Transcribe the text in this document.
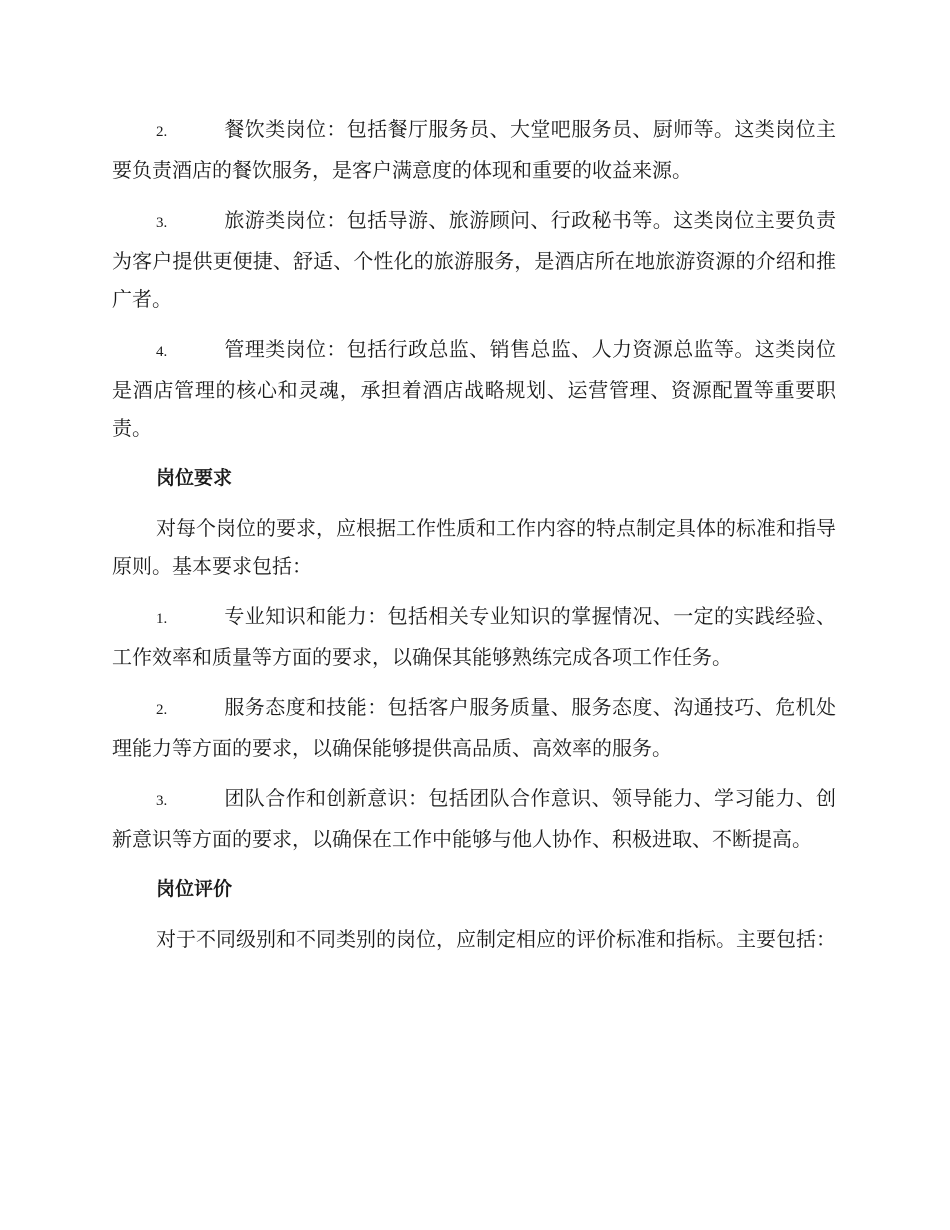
2.	餐饮类岗位：包括餐厅服务员、大堂吧服务员、厨师等。这类岗位主要负责酒店的餐饮服务，是客户满意度的体现和重要的收益来源。
3.	旅游类岗位：包括导游、旅游顾问、行政秘书等。这类岗位主要负责为客户提供更便捷、舒适、个性化的旅游服务，是酒店所在地旅游资源的介绍和推广者。
4.	管理类岗位：包括行政总监、销售总监、人力资源总监等。这类岗位是酒店管理的核心和灵魂，承担着酒店战略规划、运营管理、资源配置等重要职责。
岗位要求
对每个岗位的要求，应根据工作性质和工作内容的特点制定具体的标准和指导原则。基本要求包括：
1.	专业知识和能力：包括相关专业知识的掌握情况、一定的实践经验、工作效率和质量等方面的要求，以确保其能够熟练完成各项工作任务。
2.	服务态度和技能：包括客户服务质量、服务态度、沟通技巧、危机处理能力等方面的要求，以确保能够提供高品质、高效率的服务。
3.	团队合作和创新意识：包括团队合作意识、领导能力、学习能力、创新意识等方面的要求，以确保在工作中能够与他人协作、积极进取、不断提高。
岗位评价
对于不同级别和不同类别的岗位，应制定相应的评价标准和指标。主要包括：
